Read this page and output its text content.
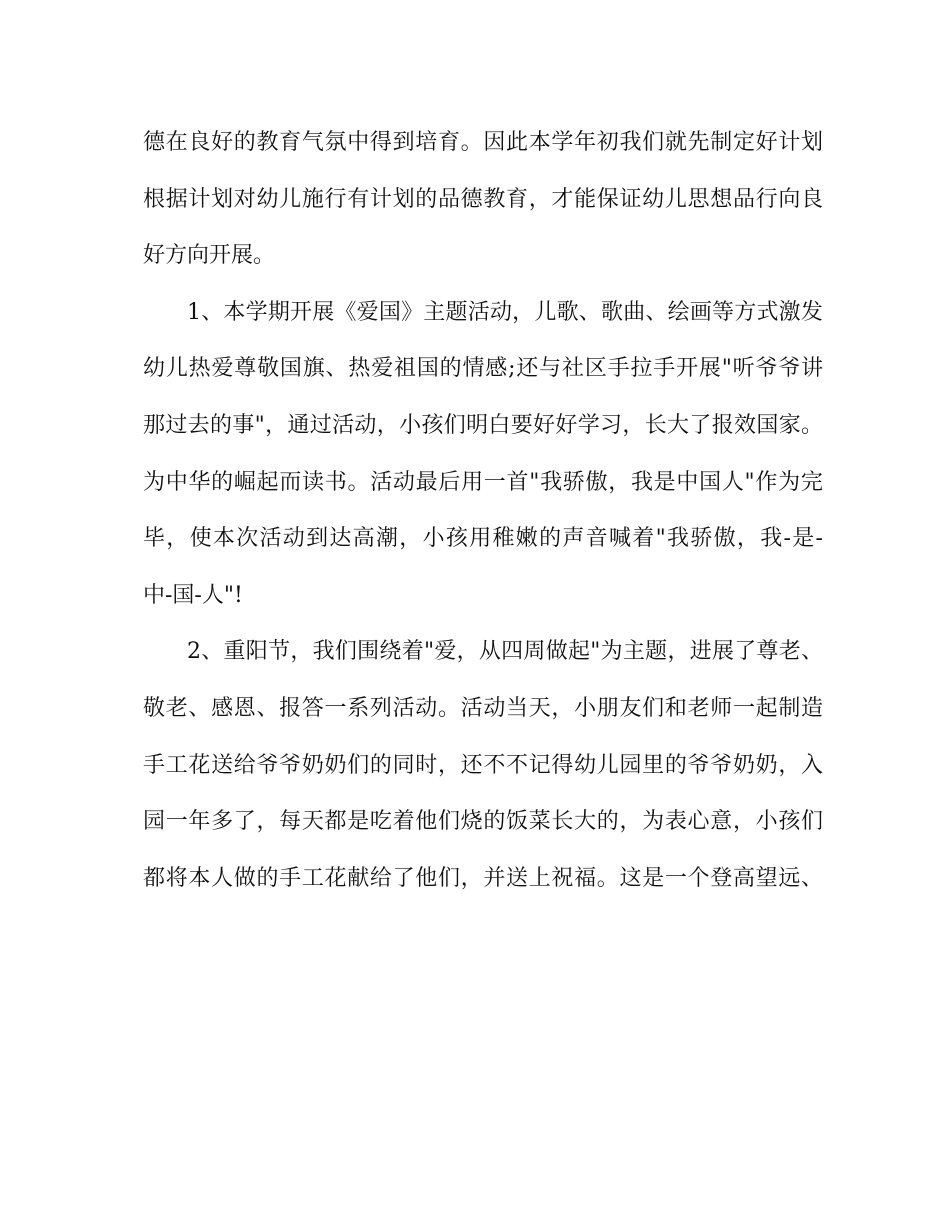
德在良好的教育气氛中得到培育。因此本学年初我们就先制定好计划
根据计划对幼儿施行有计划的品德教育，才能保证幼儿思想品行向良
好方向开展。
1、本学期开展《爱国》主题活动，儿歌、歌曲、绘画等方式激发
幼儿热爱尊敬国旗、热爱祖国的情感;还与社区手拉手开展"听爷爷讲
那过去的事"，通过活动，小孩们明白要好好学习，长大了报效国家。
为中华的崛起而读书。活动最后用一首"我骄傲，我是中国人"作为完
毕，使本次活动到达高潮，小孩用稚嫩的声音喊着"我骄傲，我-是-
中-国-人"!
2、重阳节，我们围绕着"爱，从四周做起"为主题，进展了尊老、
敬老、感恩、报答一系列活动。活动当天，小朋友们和老师一起制造
手工花送给爷爷奶奶们的同时，还不不记得幼儿园里的爷爷奶奶，入
园一年多了，每天都是吃着他们烧的饭菜长大的，为表心意，小孩们
都将本人做的手工花献给了他们，并送上祝福。这是一个登高望远、
